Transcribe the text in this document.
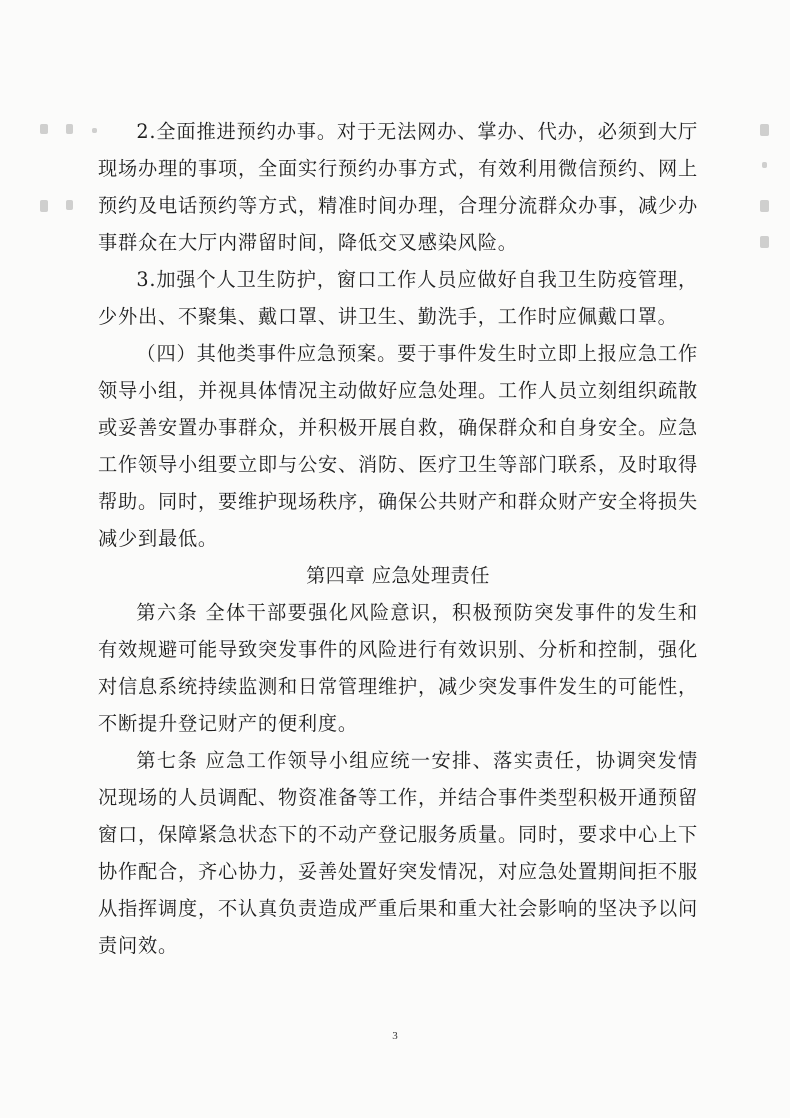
2.全面推进预约办事。对于无法网办、掌办、代办，必须到大厅现场办理的事项，全面实行预约办事方式，有效利用微信预约、网上预约及电话预约等方式，精准时间办理，合理分流群众办事，减少办事群众在大厅内滞留时间，降低交叉感染风险。

3.加强个人卫生防护，窗口工作人员应做好自我卫生防疫管理，少外出、不聚集、戴口罩、讲卫生、勤洗手，工作时应佩戴口罩。

（四）其他类事件应急预案。要于事件发生时立即上报应急工作领导小组，并视具体情况主动做好应急处理。工作人员立刻组织疏散或妥善安置办事群众，并积极开展自救，确保群众和自身安全。应急工作领导小组要立即与公安、消防、医疗卫生等部门联系，及时取得帮助。同时，要维护现场秩序，确保公共财产和群众财产安全将损失减少到最低。

第四章 应急处理责任

第六条 全体干部要强化风险意识，积极预防突发事件的发生和有效规避可能导致突发事件的风险进行有效识别、分析和控制，强化对信息系统持续监测和日常管理维护，减少突发事件发生的可能性，不断提升登记财产的便利度。

第七条 应急工作领导小组应统一安排、落实责任，协调突发情况现场的人员调配、物资准备等工作，并结合事件类型积极开通预留窗口，保障紧急状态下的不动产登记服务质量。同时，要求中心上下协作配合，齐心协力，妥善处置好突发情况，对应急处置期间拒不服从指挥调度，不认真负责造成严重后果和重大社会影响的坚决予以问责问效。

3
